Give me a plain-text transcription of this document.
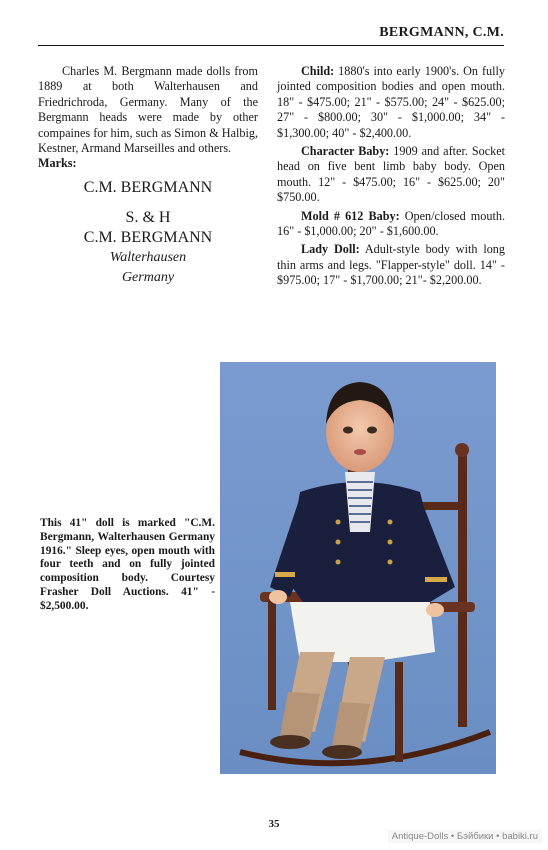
BERGMANN, C.M.

Charles M. Bergmann made dolls from 1889 at both Walterhausen and Friedrichroda, Germany. Many of the Bergmann heads were made by other compaines for him, such as Simon & Halbig, Kestner, Armand Marseilles and others.

Marks:

C.M. BERGMANN
S. & H
C.M. BERGMANN
Walterhausen
Germany

Child: 1880's into early 1900's. On fully jointed composition bodies and open mouth. 18" - $475.00; 21" - $575.00; 24" - $625.00; 27" - $800.00; 30" - $1,000.00; 34" - $1,300.00; 40" - $2,400.00.

Character Baby: 1909 and after. Socket head on five bent limb baby body. Open mouth. 12" - $475.00; 16" - $625.00; 20" $750.00.

Mold # 612 Baby: Open/closed mouth. 16" - $1,000.00; 20" - $1,600.00.

Lady Doll: Adult-style body with long thin arms and legs. "Flapper-style" doll. 14" - $975.00; 17" - $1,700.00; 21"- $2,200.00.

This 41" doll is marked "C.M. Bergmann, Walterhausen Germany 1916." Sleep eyes, open mouth with four teeth and on fully jointed composition body. Courtesy Frasher Doll Auctions. 41" - $2,500.00.
35
Antique-Dolls • Бэйбики • babiki.ru
